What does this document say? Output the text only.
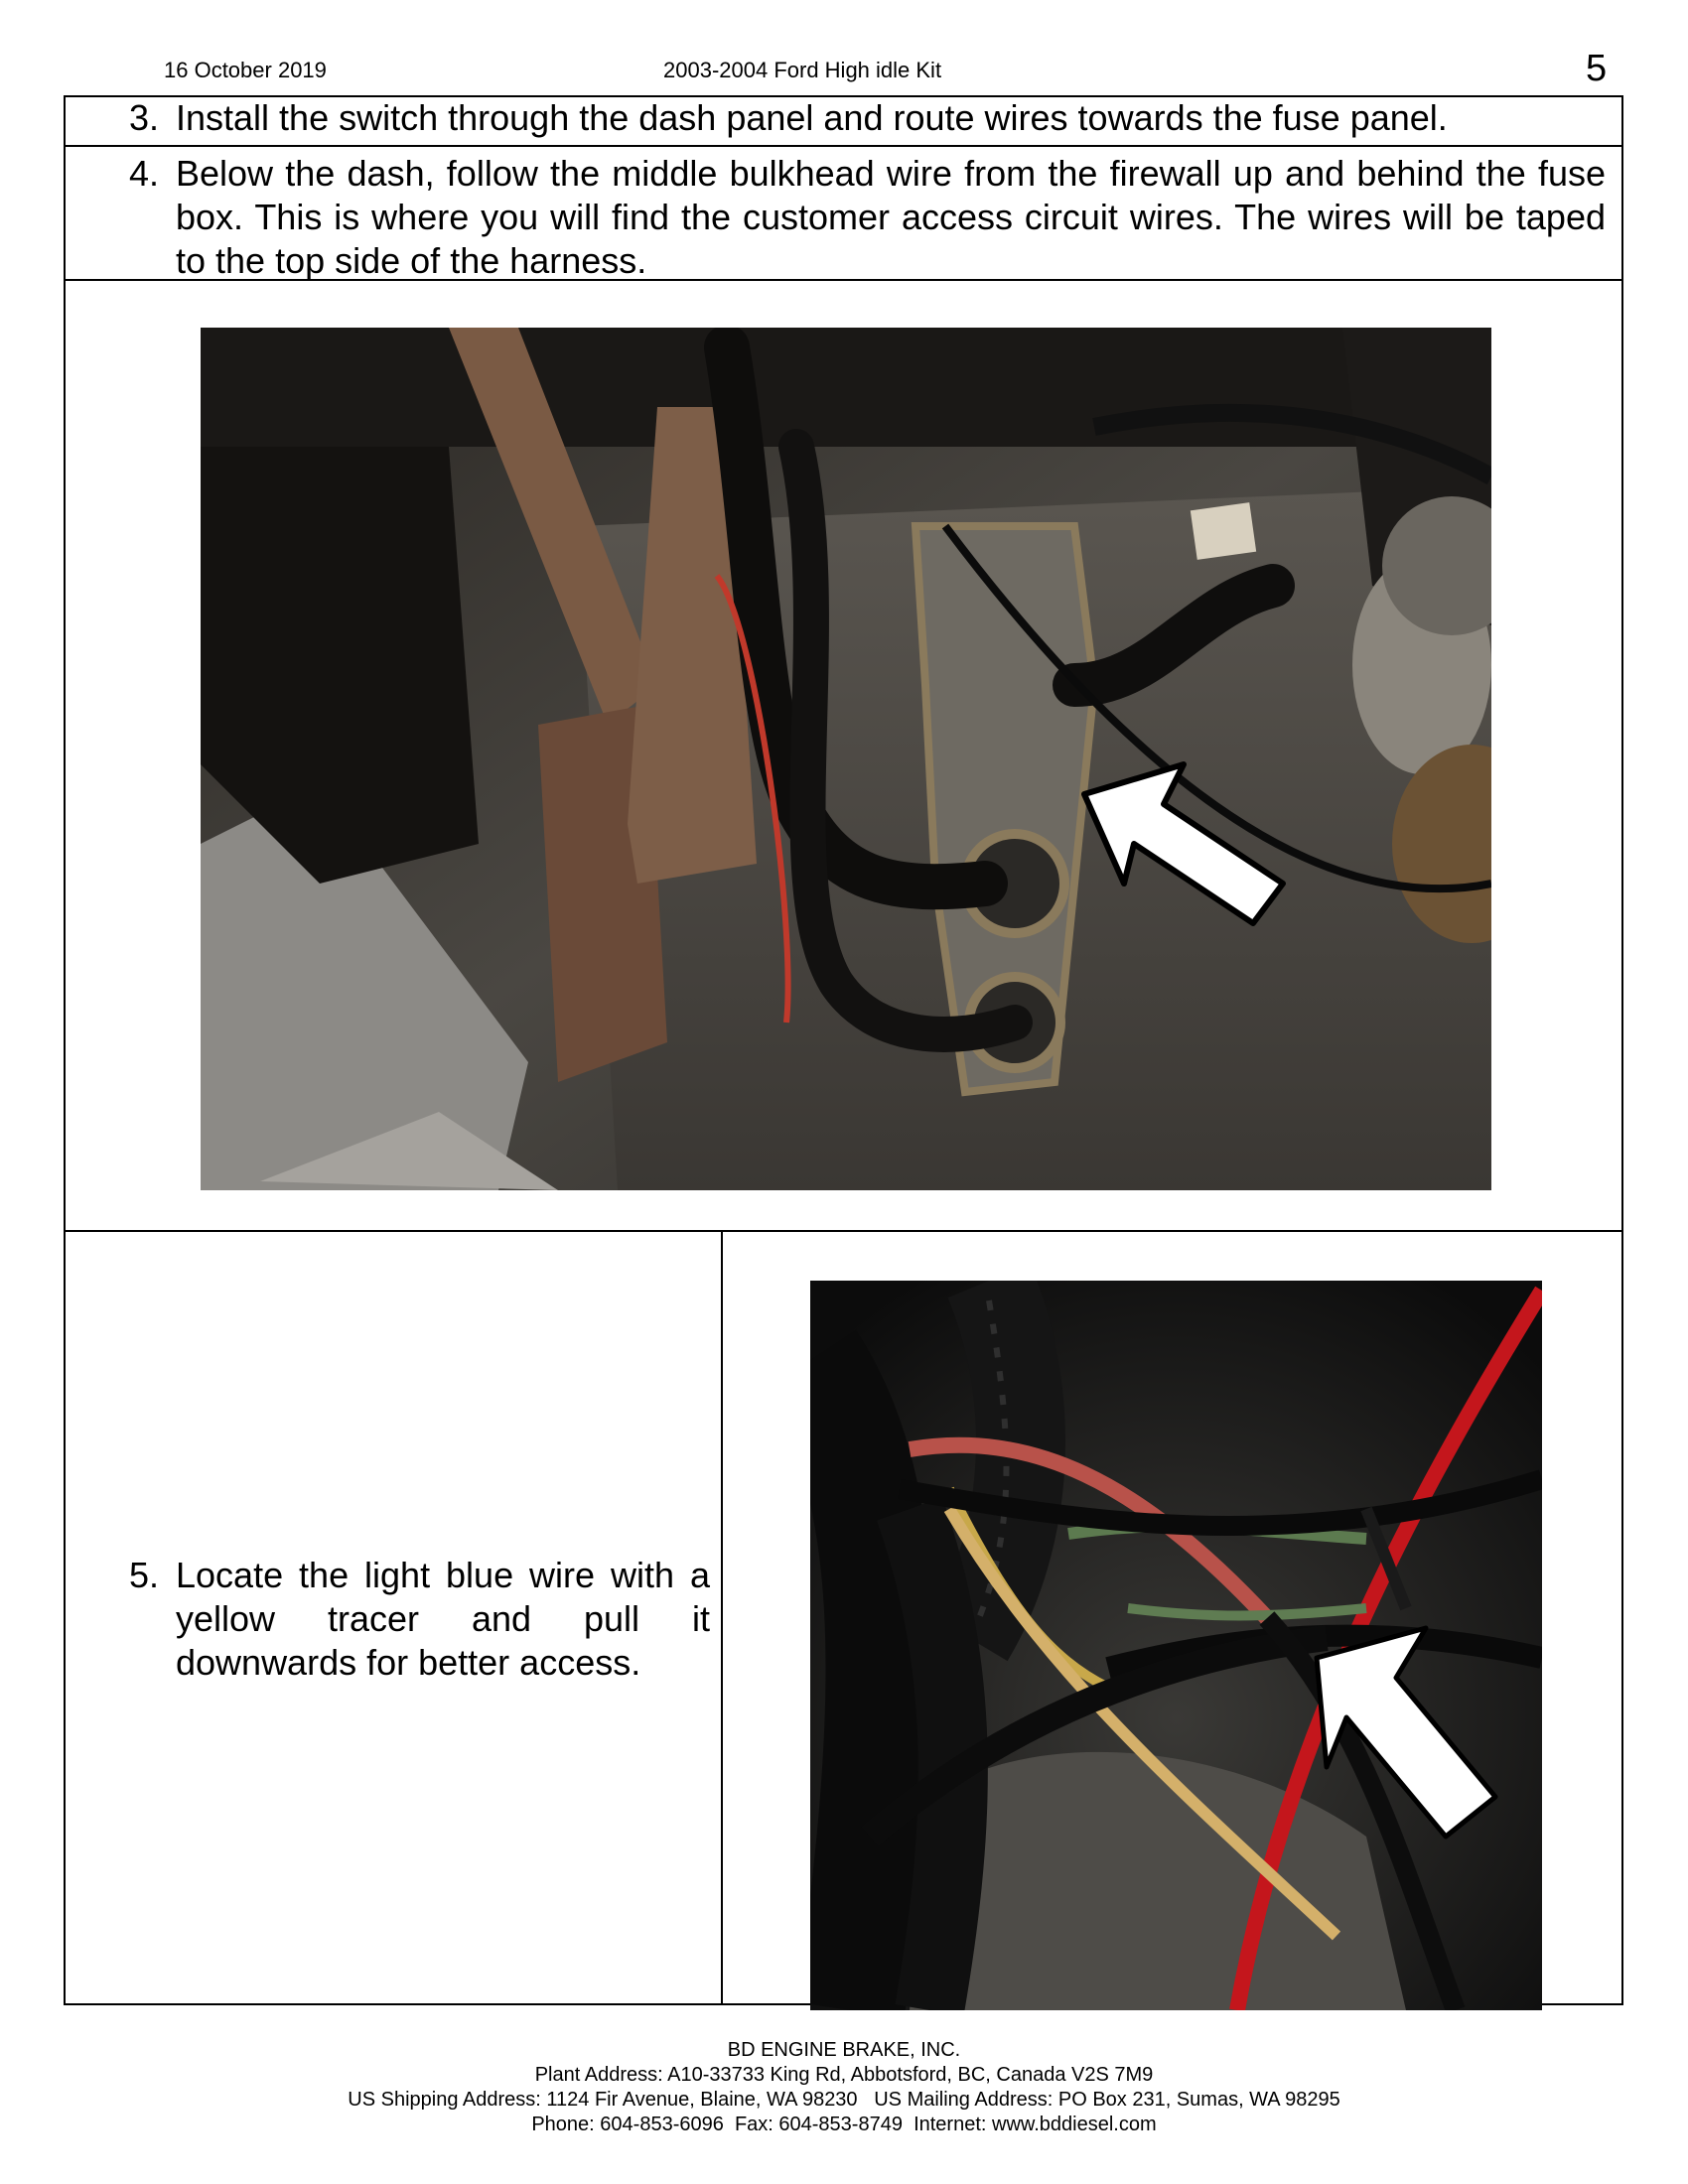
16 October 2019	2003-2004 Ford High idle Kit	5
3. Install the switch through the dash panel and route wires towards the fuse panel.
4. Below the dash, follow the middle bulkhead wire from the firewall up and behind the fuse box. This is where you will find the customer access circuit wires. The wires will be taped to the top side of the harness.
5. Locate the light blue wire with a yellow tracer and pull it downwards for better access.
BD ENGINE BRAKE, INC.
Plant Address: A10-33733 King Rd, Abbotsford, BC, Canada V2S 7M9
US Shipping Address: 1124 Fir Avenue, Blaine, WA 98230   US Mailing Address: PO Box 231, Sumas, WA 98295
Phone: 604-853-6096  Fax: 604-853-8749  Internet: www.bddiesel.com
